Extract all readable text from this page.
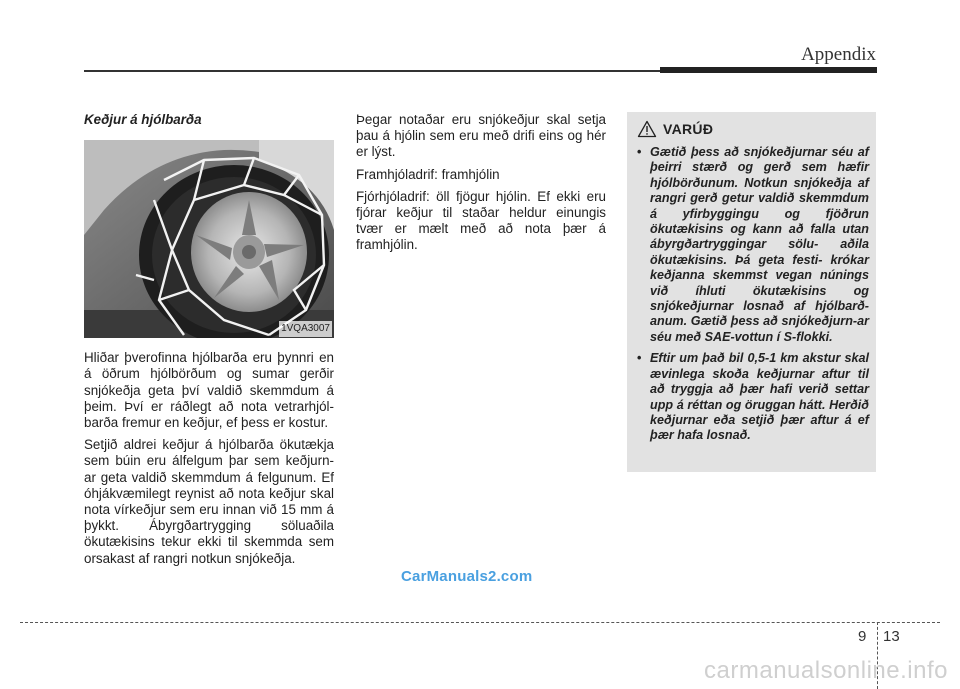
Appendix
Keðjur á hjólbarða
1VQA3007

Hliðar þverofinna hjólbarða eru þynnri en á öðrum hjólbörðum og sumar gerðir snjókeðja geta því valdið skemmdum á þeim. Því er ráðlegt að nota vetrarhjól- barða fremur en keðjur, ef þess er kostur.

Setjið aldrei keðjur á hjólbarða ökutækja sem búin eru álfelgum þar sem keðjurn- ar geta valdið skemmdum á felgunum. Ef óhjákvæmilegt reynist að nota keðjur skal nota vírkeðjur sem eru innan við 15 mm á þykkt. Ábyrgðartrygging söluaðila ökutækisins tekur ekki til skemmda sem orsakast af rangri notkun snjókeðja.

Þegar notaðar eru snjókeðjur skal setja þau á hjólin sem eru með drifi eins og hér er lýst.

Framhjóladrif: framhjólin

Fjórhjóladrif: öll fjögur hjólin. Ef ekki eru fjórar keðjur til staðar heldur einungis tvær er mælt með að nota þær á framhjólin.

VARÚÐ
• Gætið þess að snjókeðjurnar séu af þeirri stærð og gerð sem hæfir hjólbörðunum. Notkun snjókeðja af rangri gerð getur valdið skemmdum á yfirbyggingu og fjöðrun ökutækisins og kann að falla utan ábyrgðartryggingar sölu- aðila ökutækisins. Þá geta festi- krókar keðjanna skemmst vegan núnings við íhluti ökutækisins og snjókeðjurnar losnað af hjólbarð- anum. Gætið þess að snjókeðjurn-ar séu með SAE-vottun í S-flokki.
• Eftir um það bil 0,5-1 km akstur skal ævinlega skoða keðjurnar aftur til að tryggja að þær hafi verið settar upp á réttan og öruggan hátt. Herðið keðjurnar eða setjið þær aftur á ef þær hafa losnað.
CarManuals2.com
9 13
carmanualsonline.info
